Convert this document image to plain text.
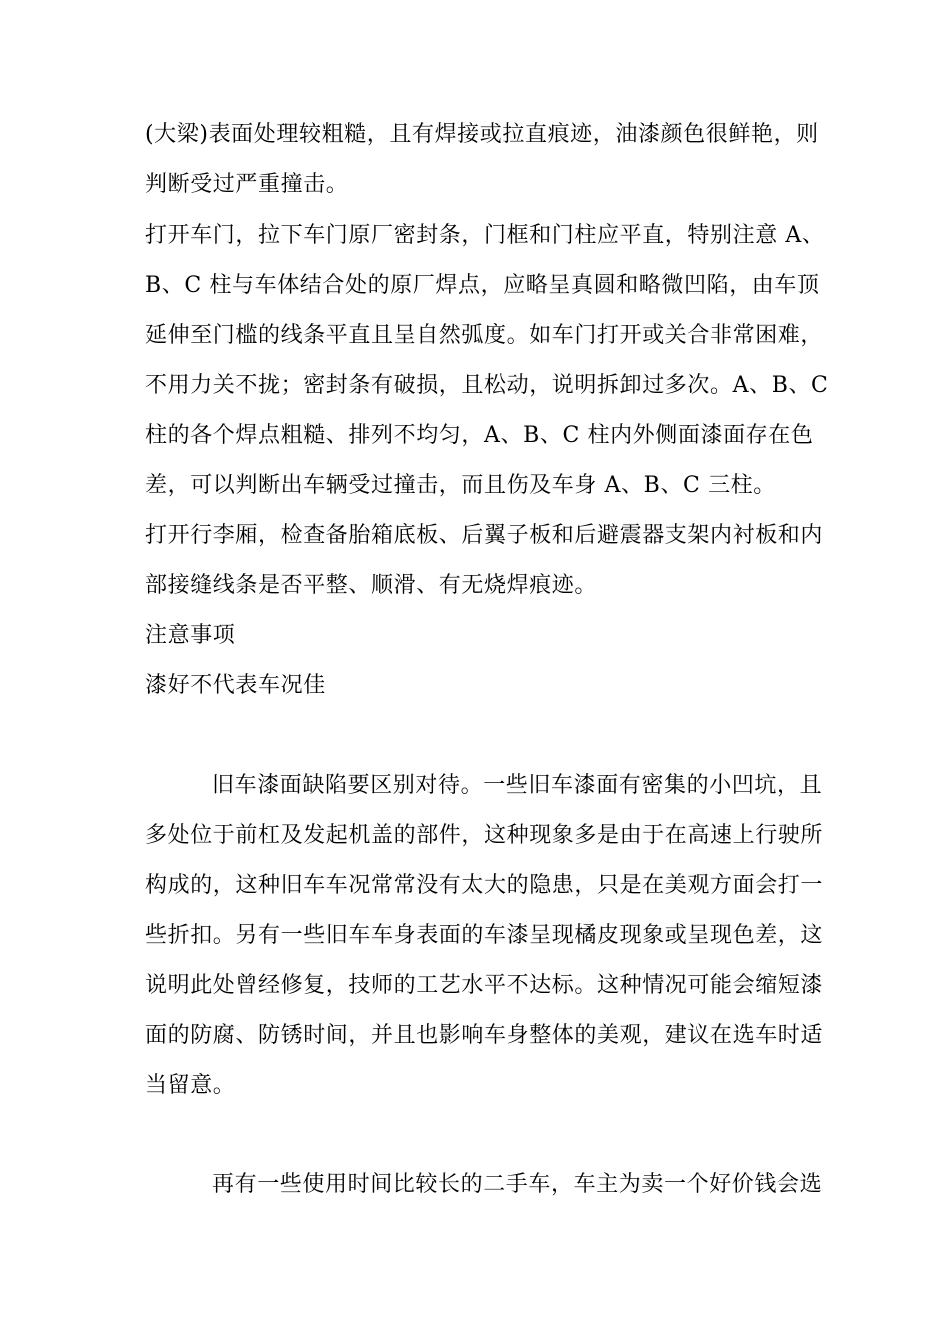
(大梁)表面处理较粗糙，且有焊接或拉直痕迹，油漆颜色很鲜艳，则
判断受过严重撞击。
打开车门，拉下车门原厂密封条，门框和门柱应平直，特别注意 A、
B、C 柱与车体结合处的原厂焊点，应略呈真圆和略微凹陷，由车顶
延伸至门槛的线条平直且呈自然弧度。如车门打开或关合非常困难，
不用力关不拢；密封条有破损，且松动，说明拆卸过多次。A、B、C
柱的各个焊点粗糙、排列不均匀，A、B、C 柱内外侧面漆面存在色
差，可以判断出车辆受过撞击，而且伤及车身 A、B、C 三柱。
打开行李厢，检查备胎箱底板、后翼子板和后避震器支架内衬板和内
部接缝线条是否平整、顺滑、有无烧焊痕迹。
注意事项
漆好不代表车况佳
旧车漆面缺陷要区别对待。一些旧车漆面有密集的小凹坑，且
多处位于前杠及发起机盖的部件，这种现象多是由于在高速上行驶所
构成的，这种旧车车况常常没有太大的隐患，只是在美观方面会打一
些折扣。另有一些旧车车身表面的车漆呈现橘皮现象或呈现色差，这
说明此处曾经修复，技师的工艺水平不达标。这种情况可能会缩短漆
面的防腐、防锈时间，并且也影响车身整体的美观，建议在选车时适
当留意。
再有一些使用时间比较长的二手车，车主为卖一个好价钱会选
